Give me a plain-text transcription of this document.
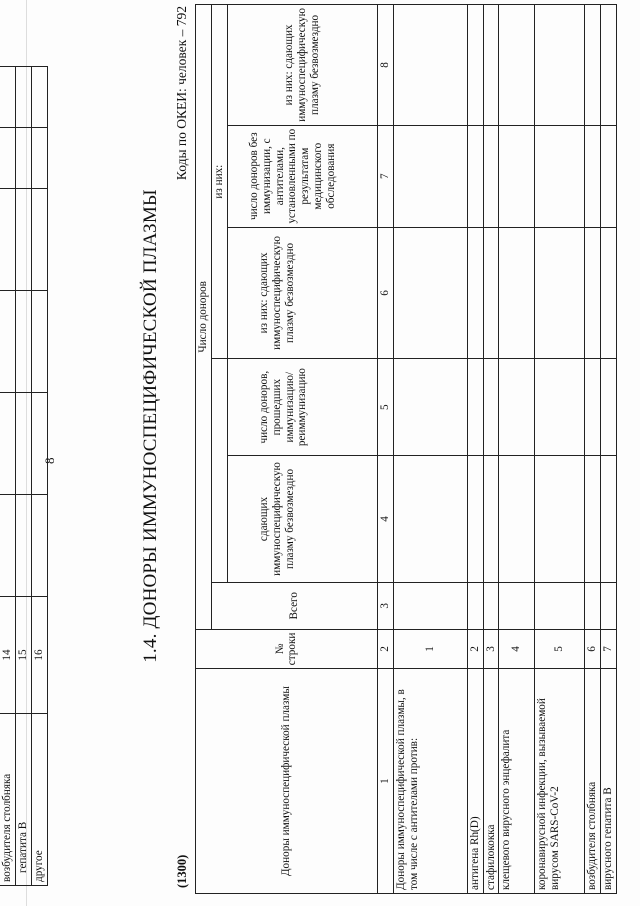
8
возбудителя столбняка	14						
гепатита В	15						
другое	16							1.4. ДОНОРЫ ИММУНОСПЕЦИФИЧЕСКОЙ ПЛАЗМЫ
(1300)
Коды по ОКЕИ: человек – 792
Доноры иммуноспецифической плазмы	№ строки	Число доноров					
		Всего			из них:		
			сдающих иммуноспецифическую плазму безвозмездно	число доноров, прошедших иммунизацию/ реиммунизацию	из них: сдающих иммуноспецифическую плазму безвозмездно	число доноров без иммунизации, с антителами, установленными по результатам медицинского обследования	из них: сдающих иммуноспецифическую плазму безвозмездно
1	2	3	4	5	6	7	8
Доноры иммуноспецифической плазмы, в том числе с антителами против:	1						
антигена Rh(D)	2						
стафилококка	3						
клещевого вирусного энцефалита	4						
коронавирусной инфекции, вызываемой вирусом SARS-CoV-2	5						
возбудителя столбняка	6						
вирусного гепатита В	7						
